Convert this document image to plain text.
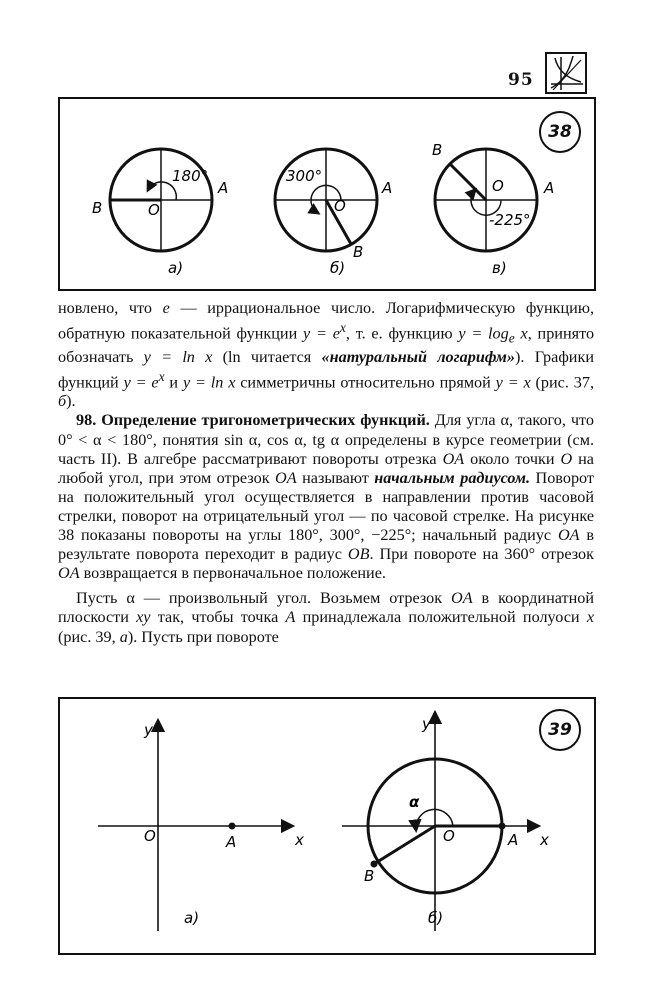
95
180°
A
B	O
a)
300°
A
B
O
б)
-225°
A
B
O
в)
38

новлено, что e — иррациональное число. Логарифмическую функцию, обратную показательной функции $y = e^x$, т. е. функцию $y = \log_e x$, принято обозначать y = ln x (ln читается «натуральный логарифм»). Графики функций $y = e^x$ и y = ln x симметричны относительно прямой y = x (рис. 37, б).

98. Определение тригонометрических функций. Для угла α, такого, что 0° < α < 180°, понятия sin α, cos α, tg α определены в курсе геометрии (см. часть II). В алгебре рассматривают повороты отрезка OA около точки O на любой угол, при этом отрезок OA называют начальным радиусом. Поворот на положительный угол осуществляется в направлении против часовой стрелки, поворот на отрицательный угол — по часовой стрелке. На рисунке 38 показаны повороты на углы 180°, 300°, −225°; начальный радиус OA в результате поворота переходит в радиус OB. При повороте на 360° отрезок OA возвращается в первоначальное положение.

Пусть α — произвольный угол. Возьмем отрезок OA в координатной плоскости xy так, чтобы точка A принадлежала положительной полуоси x (рис. 39, а). Пусть при повороте

y
x
O	A
a)
y
x
O	A
B
α
б)
39
